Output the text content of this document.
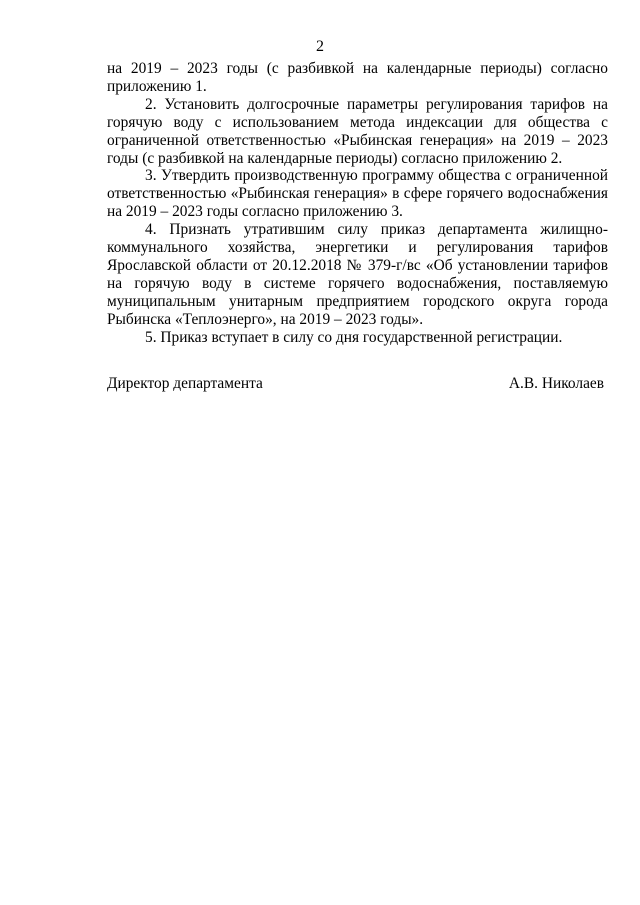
2

на 2019 – 2023 годы (с разбивкой на календарные периоды) согласно приложению 1.

2. Установить долгосрочные параметры регулирования тарифов на горячую воду с использованием метода индексации для общества с ограниченной ответственностью «Рыбинская генерация» на 2019 – 2023 годы (с разбивкой на календарные периоды) согласно приложению 2.

3. Утвердить производственную программу общества с ограниченной ответственностью «Рыбинская генерация» в сфере горячего водоснабжения на 2019 – 2023 годы согласно приложению 3.

4. Признать утратившим силу приказ департамента жилищно-коммунального хозяйства, энергетики и регулирования тарифов Ярославской области от 20.12.2018 № 379-г/вс «Об установлении тарифов на горячую воду в системе горячего водоснабжения, поставляемую муниципальным унитарным предприятием городского округа города Рыбинска «Теплоэнерго», на 2019 – 2023 годы».

5. Приказ вступает в силу со дня государственной регистрации.

Директор департамента	А.В. Николаев
